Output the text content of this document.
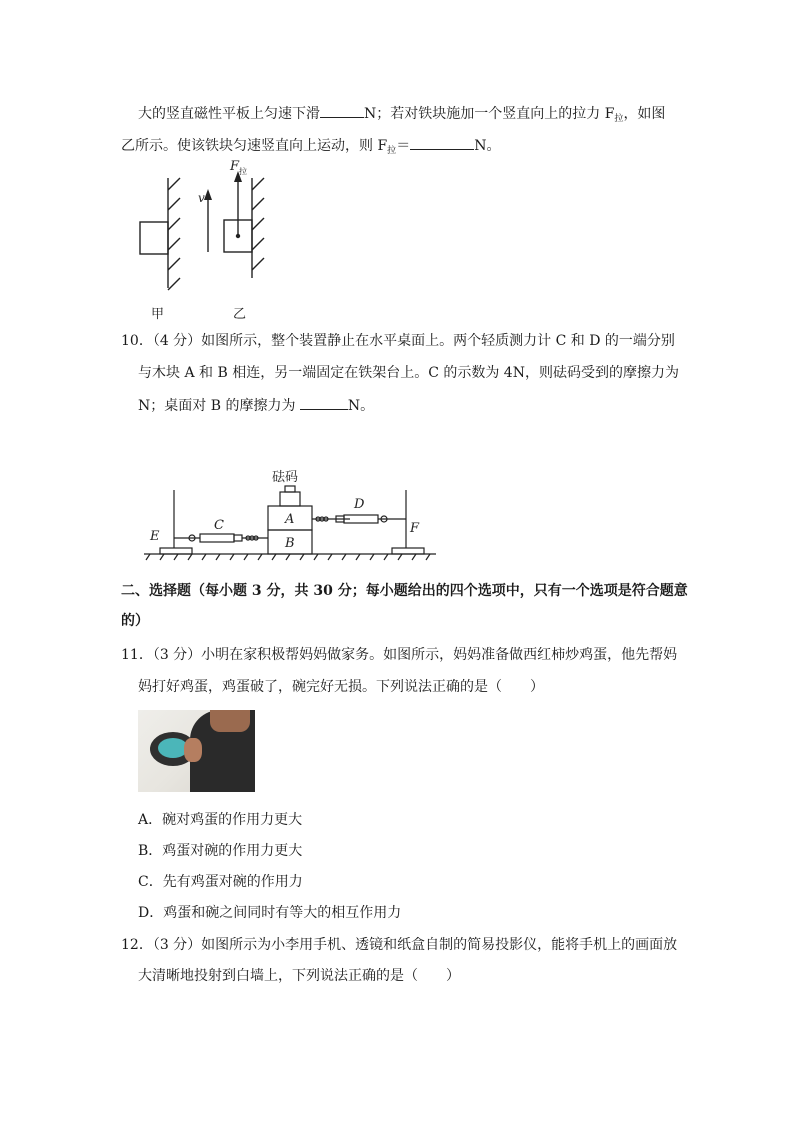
大的竖直磁性平板上匀速下滑	N；若对铁块施加一个竖直向上的拉力 $F_拉$，如图
乙所示。使该铁块匀速竖直向上运动，则 $F_拉=$	N。
v
F 拉
甲	乙
10．（4 分）如图所示，整个装置静止在水平桌面上。两个轻质测力计 C 和 D 的一端分别
与木块 A 和 B 相连，另一端固定在铁架台上。C 的示数为 4N，则砝码受到的摩擦力为
N；桌面对 B 的摩擦力为	N。
砝码
A
B
C
D
E
F
二、选择题（每小题 3 分，共 30 分；每小题给出的四个选项中，只有一个选项是符合题意
的）
11．（3 分）小明在家积极帮妈妈做家务。如图所示，妈妈准备做西红柿炒鸡蛋，他先帮妈
妈打好鸡蛋，鸡蛋破了，碗完好无损。下列说法正确的是（　　）
A．碗对鸡蛋的作用力更大
B．鸡蛋对碗的作用力更大
C．先有鸡蛋对碗的作用力
D．鸡蛋和碗之间同时有等大的相互作用力
12．（3 分）如图所示为小李用手机、透镜和纸盒自制的简易投影仪，能将手机上的画面放
大清晰地投射到白墙上，下列说法正确的是（　　）
